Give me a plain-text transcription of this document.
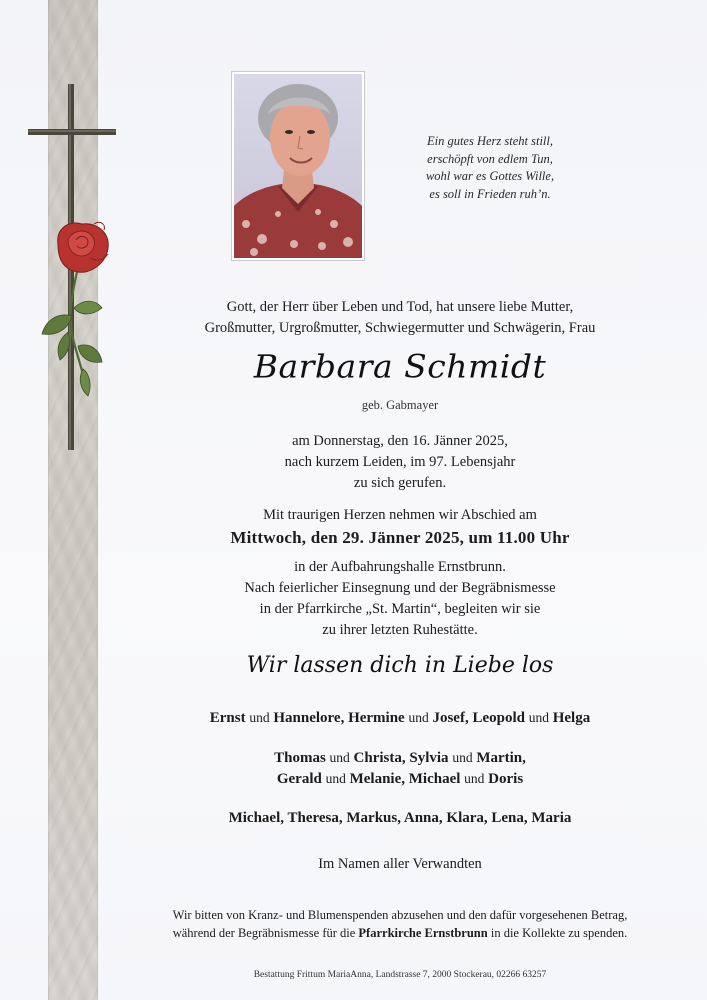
Ein gutes Herz steht still,
erschöpft von edlem Tun,
wohl war es Gottes Wille,
es soll in Frieden ruh’n.
Gott, der Herr über Leben und Tod, hat unsere liebe Mutter,
Großmutter, Urgroßmutter, Schwiegermutter und Schwägerin, Frau
Barbara Schmidt
geb. Gabmayer
am Donnerstag, den 16. Jänner 2025,
nach kurzem Leiden, im 97. Lebensjahr
zu sich gerufen.
Mit traurigen Herzen nehmen wir Abschied am
Mittwoch, den 29. Jänner 2025, um 11.00 Uhr
in der Aufbahrungshalle Ernstbrunn.
Nach feierlicher Einsegnung und der Begräbnismesse
in der Pfarrkirche „St. Martin“, begleiten wir sie
zu ihrer letzten Ruhestätte.
Wir lassen dich in Liebe los
Ernst und Hannelore, Hermine und Josef, Leopold und Helga
Thomas und Christa, Sylvia und Martin,
Gerald und Melanie, Michael und Doris
Michael, Theresa, Markus, Anna, Klara, Lena, Maria
Im Namen aller Verwandten
Wir bitten von Kranz- und Blumenspenden abzusehen und den dafür vorgesehenen Betrag,
während der Begräbnismesse für die Pfarrkirche Ernstbrunn in die Kollekte zu spenden.
Bestattung Frittum MariaAnna, Landstrasse 7, 2000 Stockerau, 02266 63257
